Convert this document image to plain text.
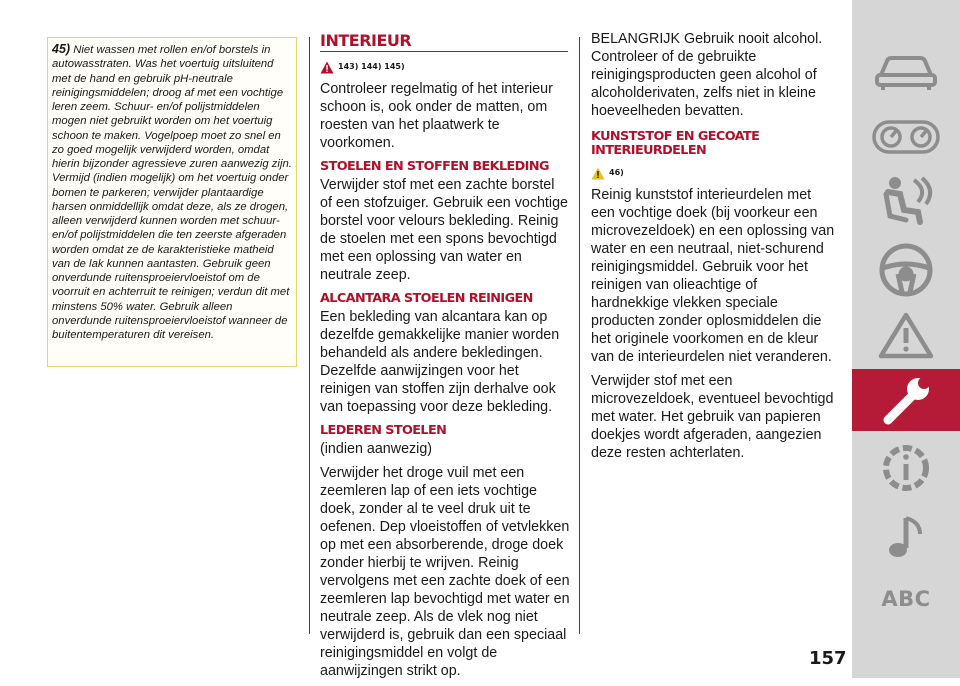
45) Niet wassen met rollen en/of borstels in autowasstraten. Was het voertuig uitsluitend met de hand en gebruik pH-neutrale reinigingsmiddelen; droog af met een vochtige leren zeem. Schuur- en/of polijstmiddelen mogen niet gebruikt worden om het voertuig schoon te maken. Vogelpoep moet zo snel en zo goed mogelijk verwijderd worden, omdat hierin bijzonder agressieve zuren aanwezig zijn. Vermijd (indien mogelijk) om het voertuig onder bomen te parkeren; verwijder plantaardige harsen onmiddellijk omdat deze, als ze drogen, alleen verwijderd kunnen worden met schuur- en/of polijstmiddelen die ten zeerste afgeraden worden omdat ze de karakteristieke matheid van de lak kunnen aantasten. Gebruik geen onverdunde ruitensproeiervloeistof om de voorruit en achterruit te reinigen; verdun dit met minstens 50% water. Gebruik alleen onverdunde ruitensproeiervloeistof wanneer de buitentemperaturen dit vereisen.

INTERIEUR
143) 144) 145)

Controleer regelmatig of het interieur schoon is, ook onder de matten, om roesten van het plaatwerk te voorkomen.

STOELEN EN STOFFEN BEKLEDING

Verwijder stof met een zachte borstel of een stofzuiger. Gebruik een vochtige borstel voor velours bekleding. Reinig de stoelen met een spons bevochtigd met een oplossing van water en neutrale zeep.

ALCANTARA STOELEN REINIGEN

Een bekleding van alcantara kan op dezelfde gemakkelijke manier worden behandeld als andere bekledingen. Dezelfde aanwijzingen voor het reinigen van stoffen zijn derhalve ook van toepassing voor deze bekleding.

LEDEREN STOELEN

(indien aanwezig)

Verwijder het droge vuil met een zeemleren lap of een iets vochtige doek, zonder al te veel druk uit te oefenen. Dep vloeistoffen of vetvlekken op met een absorberende, droge doek zonder hierbij te wrijven. Reinig vervolgens met een zachte doek of een zeemleren lap bevochtigd met water en neutrale zeep. Als de vlek nog niet verwijderd is, gebruik dan een speciaal reinigingsmiddel en volgt de aanwijzingen strikt op.

BELANGRIJK Gebruik nooit alcohol. Controleer of de gebruikte reinigingsproducten geen alcohol of alcoholderivaten, zelfs niet in kleine hoeveelheden bevatten.

KUNSTSTOF EN GECOATE INTERIEURDELEN
46)

Reinig kunststof interieurdelen met een vochtige doek (bij voorkeur een microvezeldoek) en een oplossing van water en een neutraal, niet-schurend reinigingsmiddel. Gebruik voor het reinigen van olieachtige of hardnekkige vlekken speciale producten zonder oplosmiddelen die het originele voorkomen en de kleur van de interieurdelen niet veranderen.

Verwijder stof met een microvezeldoek, eventueel bevochtigd met water. Het gebruik van papieren doekjes wordt afgeraden, aangezien deze resten achterlaten.

ABC
157
